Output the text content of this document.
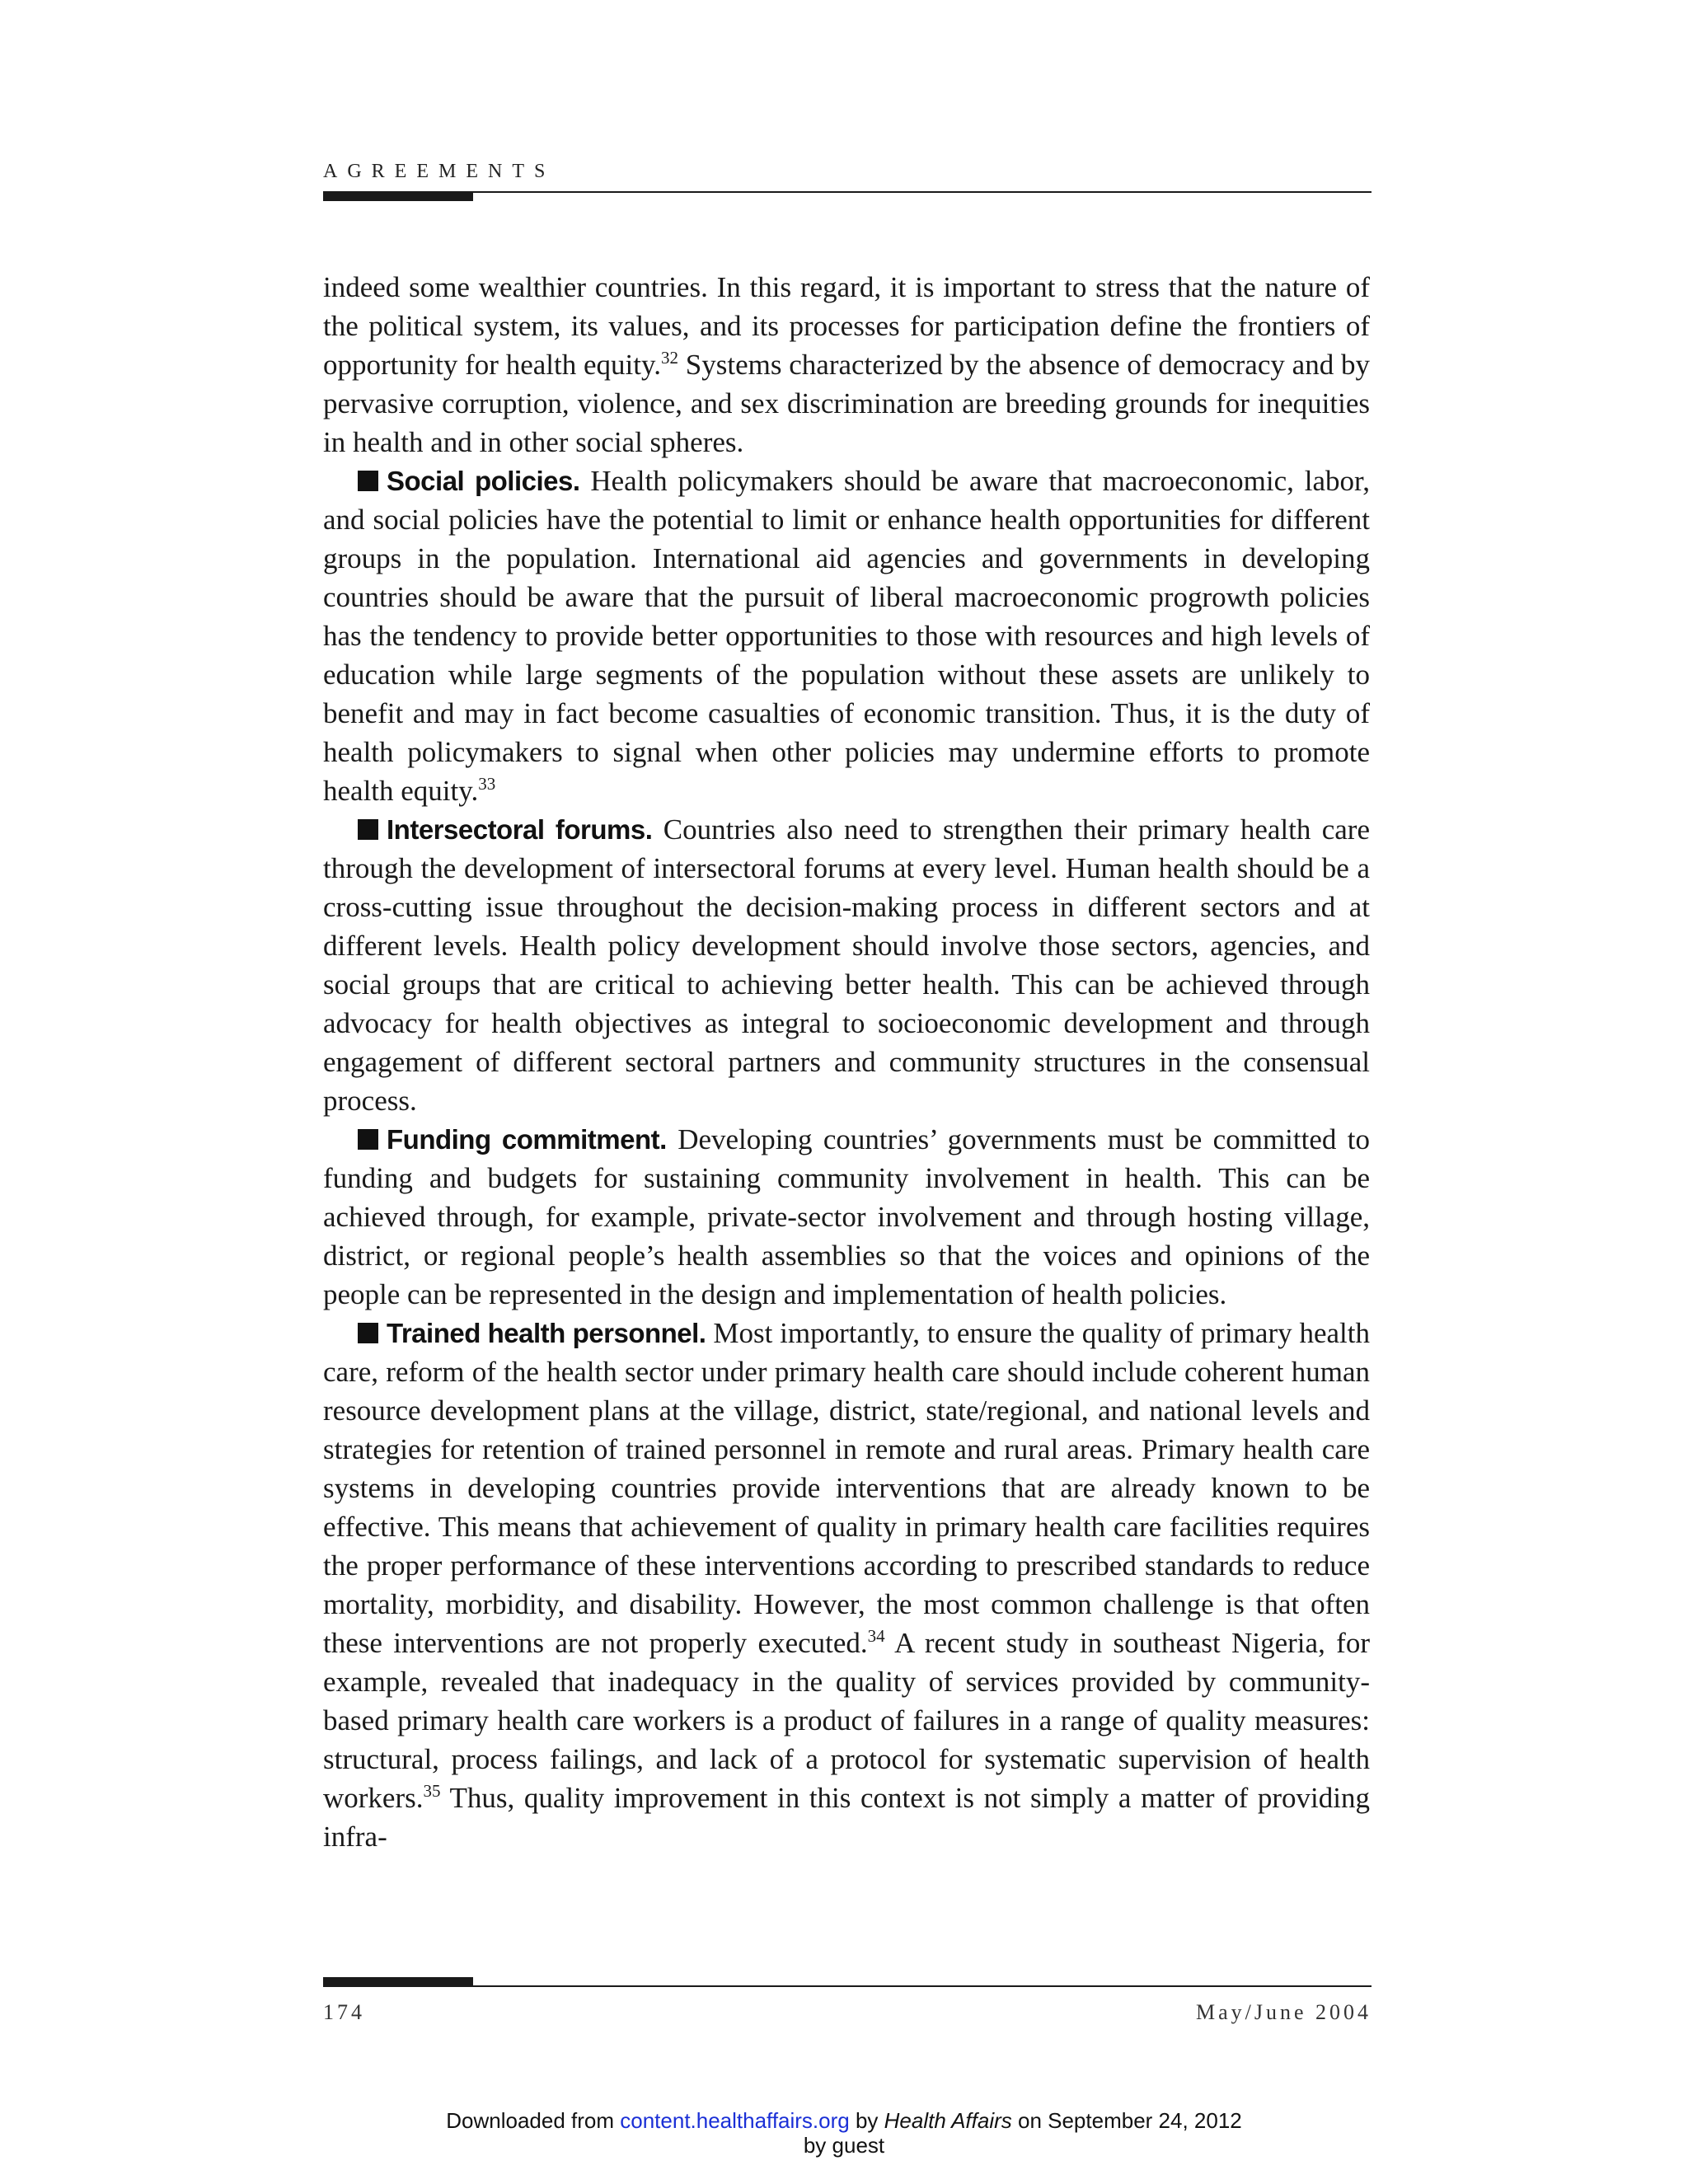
agreements

indeed some wealthier countries. In this regard, it is important to stress that the nature of the political system, its values, and its processes for participation define the frontiers of opportunity for health equity.$^{32}$ Systems characterized by the absence of democracy and by pervasive corruption, violence, and sex discrimination are breeding grounds for inequities in health and in other social spheres.

Social policies. Health policymakers should be aware that macroeconomic, labor, and social policies have the potential to limit or enhance health opportunities for different groups in the population. International aid agencies and governments in developing countries should be aware that the pursuit of liberal macroeconomic progrowth policies has the tendency to provide better opportunities to those with resources and high levels of education while large segments of the population without these assets are unlikely to benefit and may in fact become casualties of economic transition. Thus, it is the duty of health policymakers to signal when other policies may undermine efforts to promote health equity.$^{33}$

Intersectoral forums. Countries also need to strengthen their primary health care through the development of intersectoral forums at every level. Human health should be a cross-cutting issue throughout the decision-making process in different sectors and at different levels. Health policy development should involve those sectors, agencies, and social groups that are critical to achieving better health. This can be achieved through advocacy for health objectives as integral to socioeconomic development and through engagement of different sectoral partners and community structures in the consensual process.

Funding commitment. Developing countries’ governments must be committed to funding and budgets for sustaining community involvement in health. This can be achieved through, for example, private-sector involvement and through hosting village, district, or regional people’s health assemblies so that the voices and opinions of the people can be represented in the design and implementation of health policies.

Trained health personnel. Most importantly, to ensure the quality of primary health care, reform of the health sector under primary health care should include coherent human resource development plans at the village, district, state/regional, and national levels and strategies for retention of trained personnel in remote and rural areas. Primary health care systems in developing countries provide interventions that are already known to be effective. This means that achievement of quality in primary health care facilities requires the proper performance of these interventions according to prescribed standards to reduce mortality, morbidity, and disability. However, the most common challenge is that often these interventions are not properly executed.$^{34}$ A recent study in southeast Nigeria, for example, revealed that inadequacy in the quality of services provided by community-based primary health care workers is a product of failures in a range of quality measures: structural, process failings, and lack of a protocol for systematic supervision of health workers.$^{35}$ Thus, quality improvement in this context is not simply a matter of providing infra-

174	May/June 2004
Downloaded from content.healthaffairs.org by Health Affairs on September 24, 2012
by guest
